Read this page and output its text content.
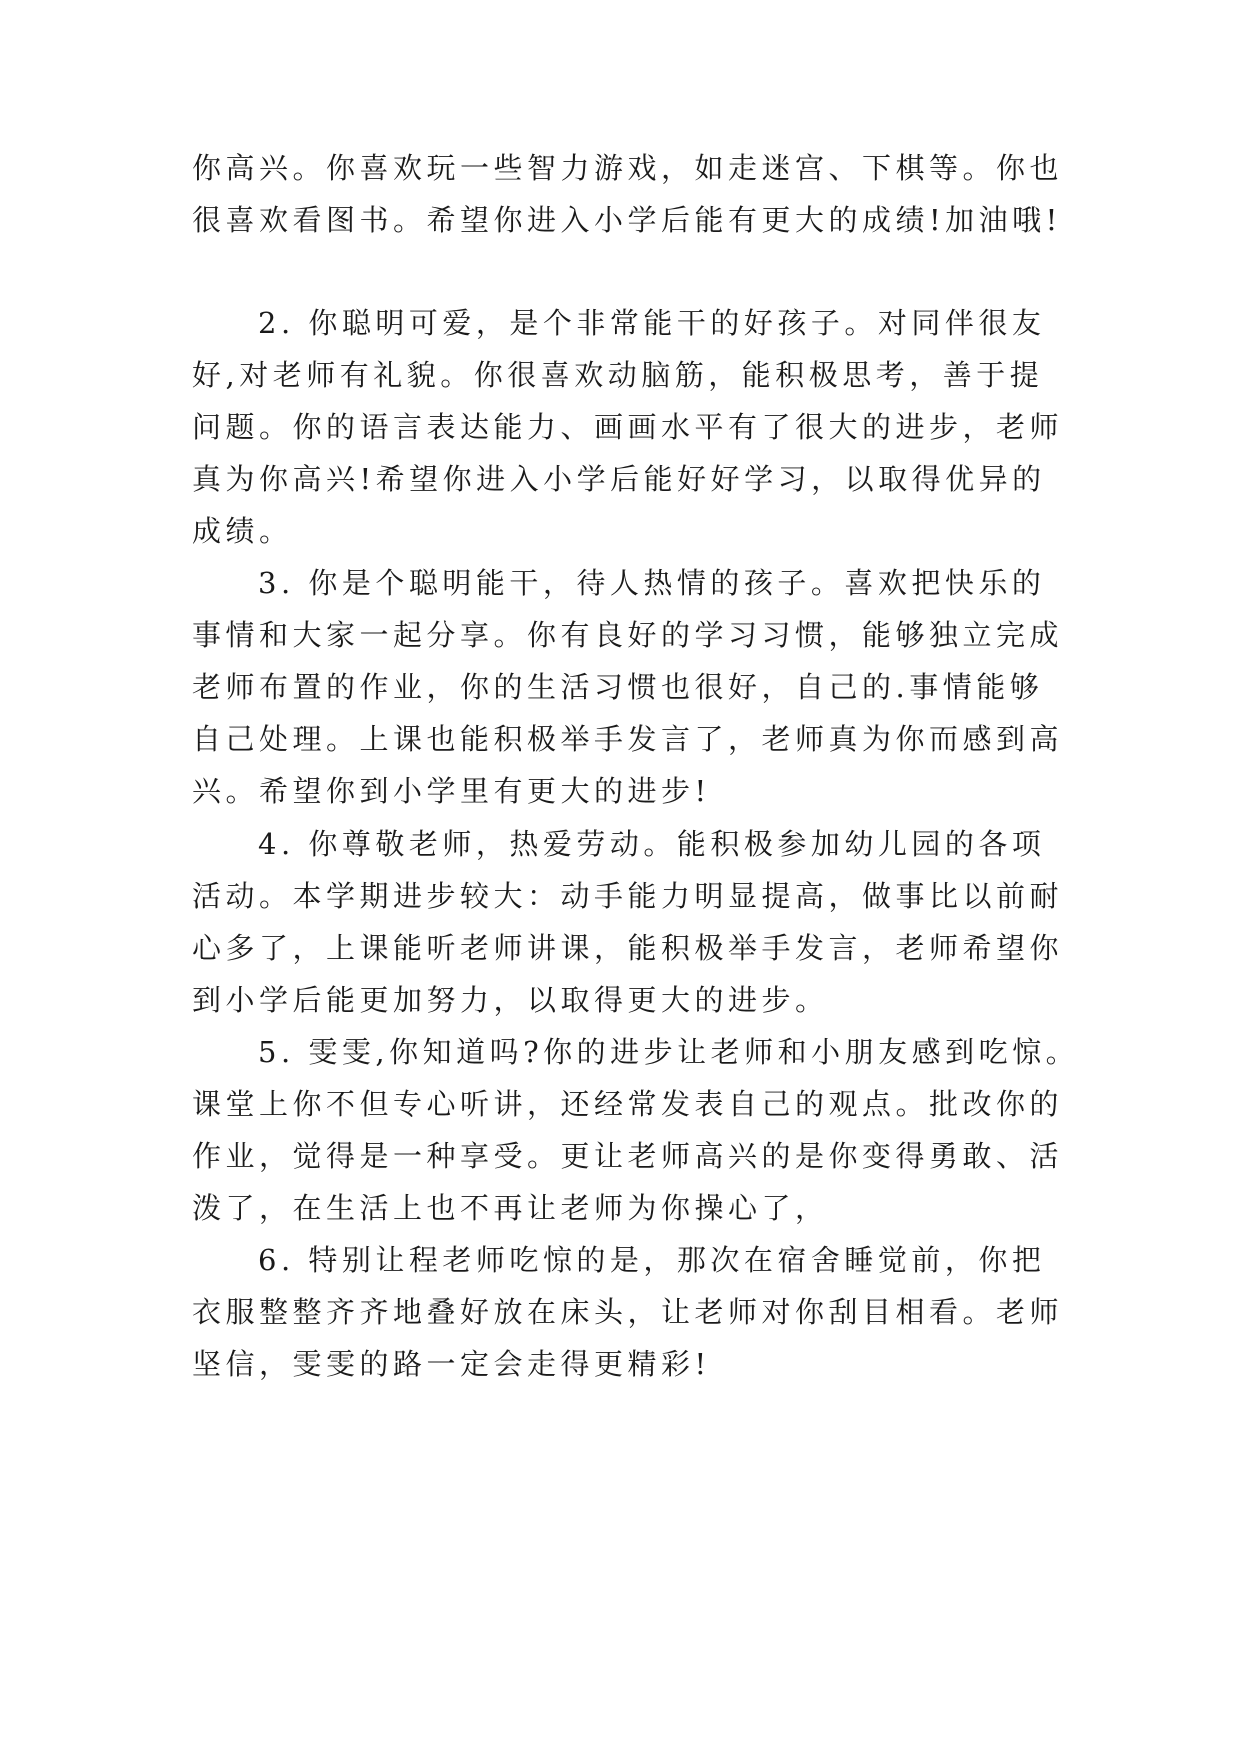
你高兴。你喜欢玩一些智力游戏，如走迷宫、下棋等。你也
很喜欢看图书。希望你进入小学后能有更大的成绩!加油哦!
2. 你聪明可爱，是个非常能干的好孩子。对同伴很友
好,对老师有礼貌。你很喜欢动脑筋，能积极思考，善于提
问题。你的语言表达能力、画画水平有了很大的进步，老师
真为你高兴!希望你进入小学后能好好学习，以取得优异的
成绩。
3. 你是个聪明能干，待人热情的孩子。喜欢把快乐的
事情和大家一起分享。你有良好的学习习惯，能够独立完成
老师布置的作业，你的生活习惯也很好，自己的.事情能够
自己处理。上课也能积极举手发言了，老师真为你而感到高
兴。希望你到小学里有更大的进步!
4. 你尊敬老师，热爱劳动。能积极参加幼儿园的各项
活动。本学期进步较大：动手能力明显提高，做事比以前耐
心多了，上课能听老师讲课，能积极举手发言，老师希望你
到小学后能更加努力，以取得更大的进步。
5. 雯雯,你知道吗?你的进步让老师和小朋友感到吃惊。
课堂上你不但专心听讲，还经常发表自己的观点。批改你的
作业，觉得是一种享受。更让老师高兴的是你变得勇敢、活
泼了，在生活上也不再让老师为你操心了，
6. 特别让程老师吃惊的是，那次在宿舍睡觉前，你把
衣服整整齐齐地叠好放在床头，让老师对你刮目相看。老师
坚信，雯雯的路一定会走得更精彩!
